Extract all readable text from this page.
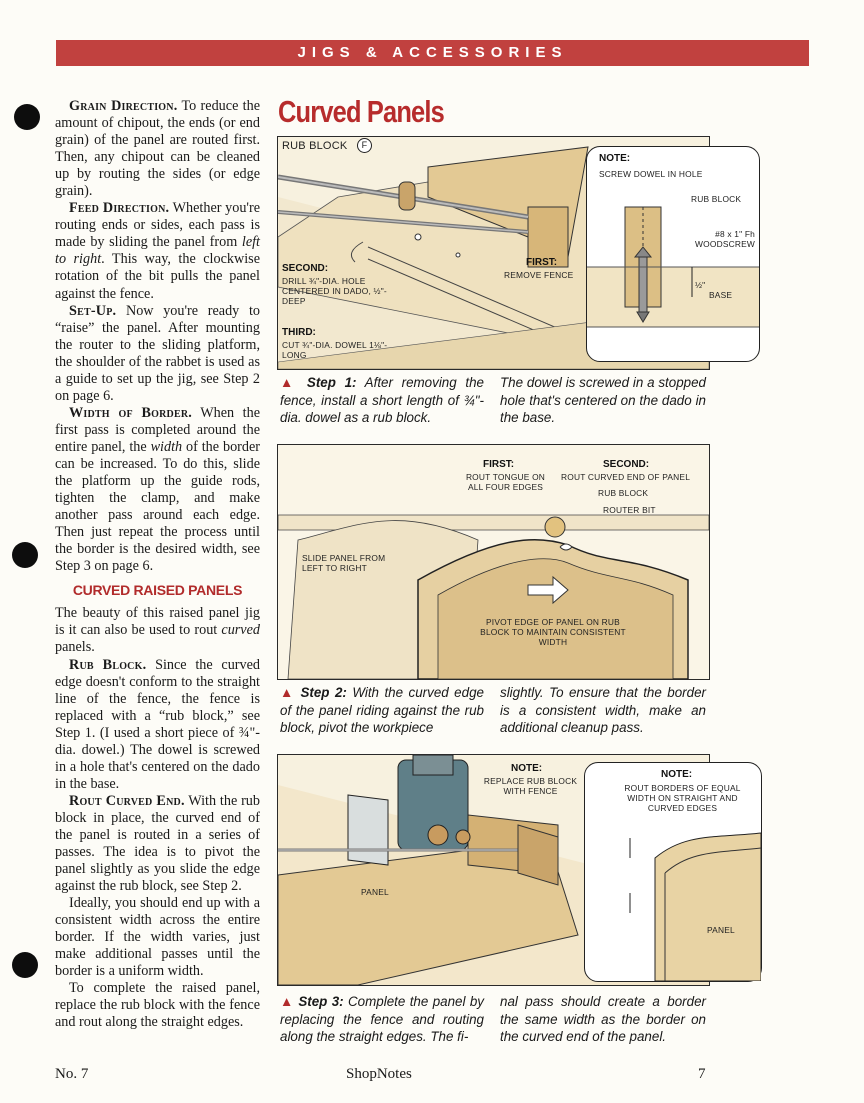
JIGS & ACCESSORIES

Grain Direction. To reduce the amount of chipout, the ends (or end grain) of the panel are routed first. Then, any chipout can be cleaned up by routing the sides (or edge grain).

Feed Direction. Whether you're routing ends or sides, each pass is made by sliding the panel from left to right. This way, the clockwise rotation of the bit pulls the panel against the fence.

Set-Up. Now you're ready to “raise” the panel. After mounting the router to the sliding platform, the shoulder of the rabbet is used as a guide to set up the jig, see Step 2 on page 6.

Width of Border. When the first pass is completed around the entire panel, the width of the border can be increased. To do this, slide the platform up the guide rods, tighten the clamp, and make another pass around each edge. Then just repeat the process until the border is the desired width, see Step 3 on page 6.

CURVED RAISED PANELS

The beauty of this raised panel jig is it can also be used to rout curved panels.

Rub Block. Since the curved edge doesn't conform to the straight line of the fence, the fence is replaced with a “rub block,” see Step 1. (I used a short piece of ¾"-dia. dowel.) The dowel is screwed in a hole that's centered on the dado in the base.

Rout Curved End. With the rub block in place, the curved end of the panel is routed in a series of passes. The idea is to pivot the panel slightly as you slide the edge against the rub block, see Step 2.

Ideally, you should end up with a consistent width across the entire border. If the width varies, just make additional passes until the border is a uniform width.

To complete the raised panel, replace the rub block with the fence and rout along the straight edges.

Curved Panels
RUB BLOCK	F
SECOND:
DRILL ¾"-DIA. HOLE CENTERED IN DADO, ½"-DEEP
THIRD:
CUT ¾"-DIA. DOWEL 1⅛"-LONG
FIRST:
REMOVE FENCE
NOTE:
SCREW DOWEL IN HOLE
RUB BLOCK
#8 x 1" Fh WOODSCREW
½"
BASE
▲ Step 1: After removing the fence, install a short length of ¾"-dia. dowel as a rub block.
The dowel is screwed in a stopped hole that's centered on the dado in the base.
FIRST:
ROUT TONGUE ON ALL FOUR EDGES
SECOND:
ROUT CURVED END OF PANEL
RUB BLOCK
ROUTER BIT
SLIDE PANEL FROM LEFT TO RIGHT
PIVOT EDGE OF PANEL ON RUB BLOCK TO MAINTAIN CONSISTENT WIDTH
▲ Step 2: With the curved edge of the panel riding against the rub block, pivot the workpiece
slightly. To ensure that the border is a consistent width, make an additional cleanup pass.
NOTE:
REPLACE RUB BLOCK WITH FENCE
PANEL
NOTE:
ROUT BORDERS OF EQUAL WIDTH ON STRAIGHT AND CURVED EDGES
PANEL
▲ Step 3: Complete the panel by replacing the fence and routing along the straight edges. The fi-
nal pass should create a border the same width as the border on the curved end of the panel.
No. 7	ShopNotes	7
